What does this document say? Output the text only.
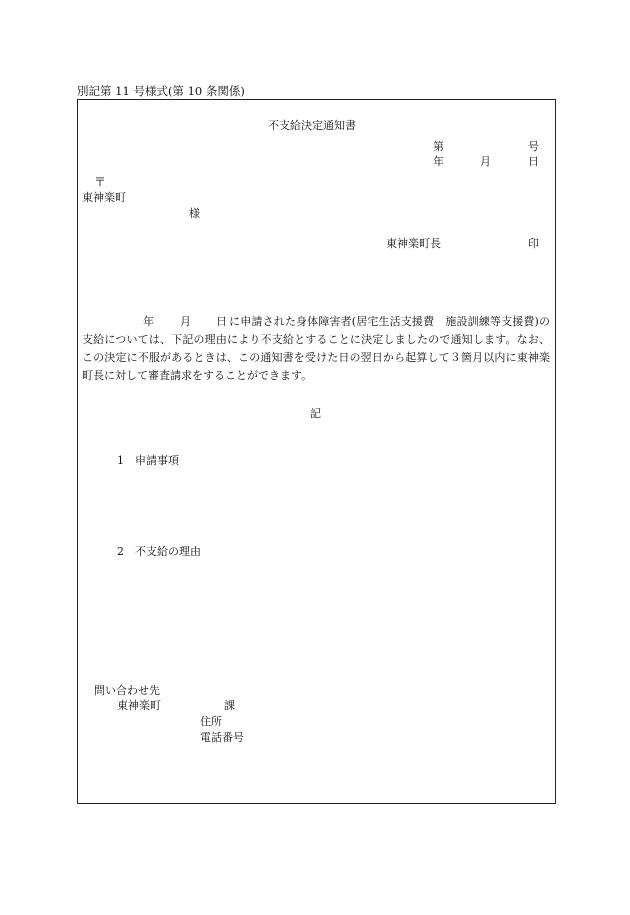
別記第 11 号様式(第 10 条関係)
不支給決定通知書
第	号
年	月	日
〒
東神楽町
様
東神楽町長	印
年 月 日 に申請された身体障害者(居宅生活支援費　施設訓練等支援費)の支給については、下記の理由により不支給とすることに決定しましたので通知します。なお、この決定に不服があるときは、この通知書を受けた日の翌日から起算して３箇月以内に東神楽町長に対して審査請求をすることができます。
記
1 申請事項
2 不支給の理由
問い合わせ先
東神楽町	課
住所
電話番号
